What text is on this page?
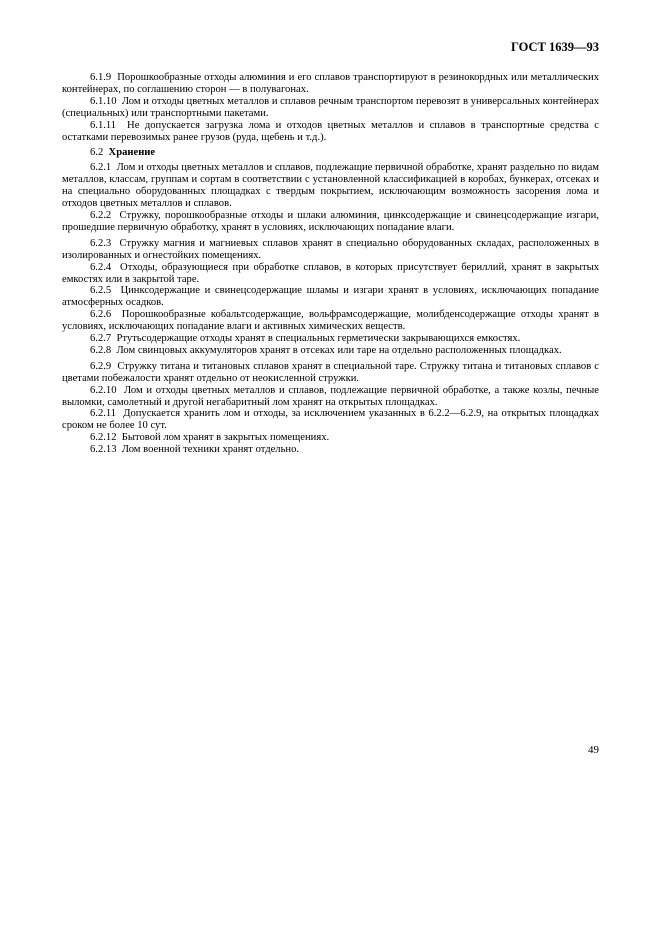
ГОСТ 1639—93

6.1.9 Порошкообразные отходы алюминия и его сплавов транспортируют в резинокордных или металлических контейнерах, по соглашению сторон — в полувагонах.

6.1.10 Лом и отходы цветных металлов и сплавов речным транспортом перевозят в универсальных контейнерах (специальных) или транспортными пакетами.

6.1.11 Не допускается загрузка лома и отходов цветных металлов и сплавов в транспортные средства с остатками перевозимых ранее грузов (руда, щебень и т.д.).

6.2 Хранение

6.2.1 Лом и отходы цветных металлов и сплавов, подлежащие первичной обработке, хранят раздельно по видам металлов, классам, группам и сортам в соответствии с установленной классификацией в коробах, бункерах, отсеках и на специально оборудованных площадках с твердым покрытием, исключающим возможность засорения лома и отходов цветных металлов и сплавов.

6.2.2 Стружку, порошкообразные отходы и шлаки алюминия, цинксодержащие и свинецсодержащие изгари, прошедшие первичную обработку, хранят в условиях, исключающих попадание влаги.

6.2.3 Стружку магния и магниевых сплавов хранят в специально оборудованных складах, расположенных в изолированных и огнестойких помещениях.

6.2.4 Отходы, образующиеся при обработке сплавов, в которых присутствует бериллий, хранят в закрытых емкостях или в закрытой таре.

6.2.5 Цинксодержащие и свинецсодержащие шламы и изгари хранят в условиях, исключающих попадание атмосферных осадков.

6.2.6 Порошкообразные кобальтсодержащие, вольфрамсодержащие, молибденсодержащие отходы хранят в условиях, исключающих попадание влаги и активных химических веществ.

6.2.7 Ртутьсодержащие отходы хранят в специальных герметически закрывающихся емкостях.

6.2.8 Лом свинцовых аккумуляторов хранят в отсеках или таре на отдельно расположенных площадках.

6.2.9 Стружку титана и титановых сплавов хранят в специальной таре. Стружку титана и титановых сплавов с цветами побежалости хранят отдельно от неокисленной стружки.

6.2.10 Лом и отходы цветных металлов и сплавов, подлежащие первичной обработке, а также козлы, печные выломки, самолетный и другой негабаритный лом хранят на открытых площадках.

6.2.11 Допускается хранить лом и отходы, за исключением указанных в 6.2.2—6.2.9, на открытых площадках сроком не более 10 сут.

6.2.12 Бытовой лом хранят в закрытых помещениях.

6.2.13 Лом военной техники хранят отдельно.

49
